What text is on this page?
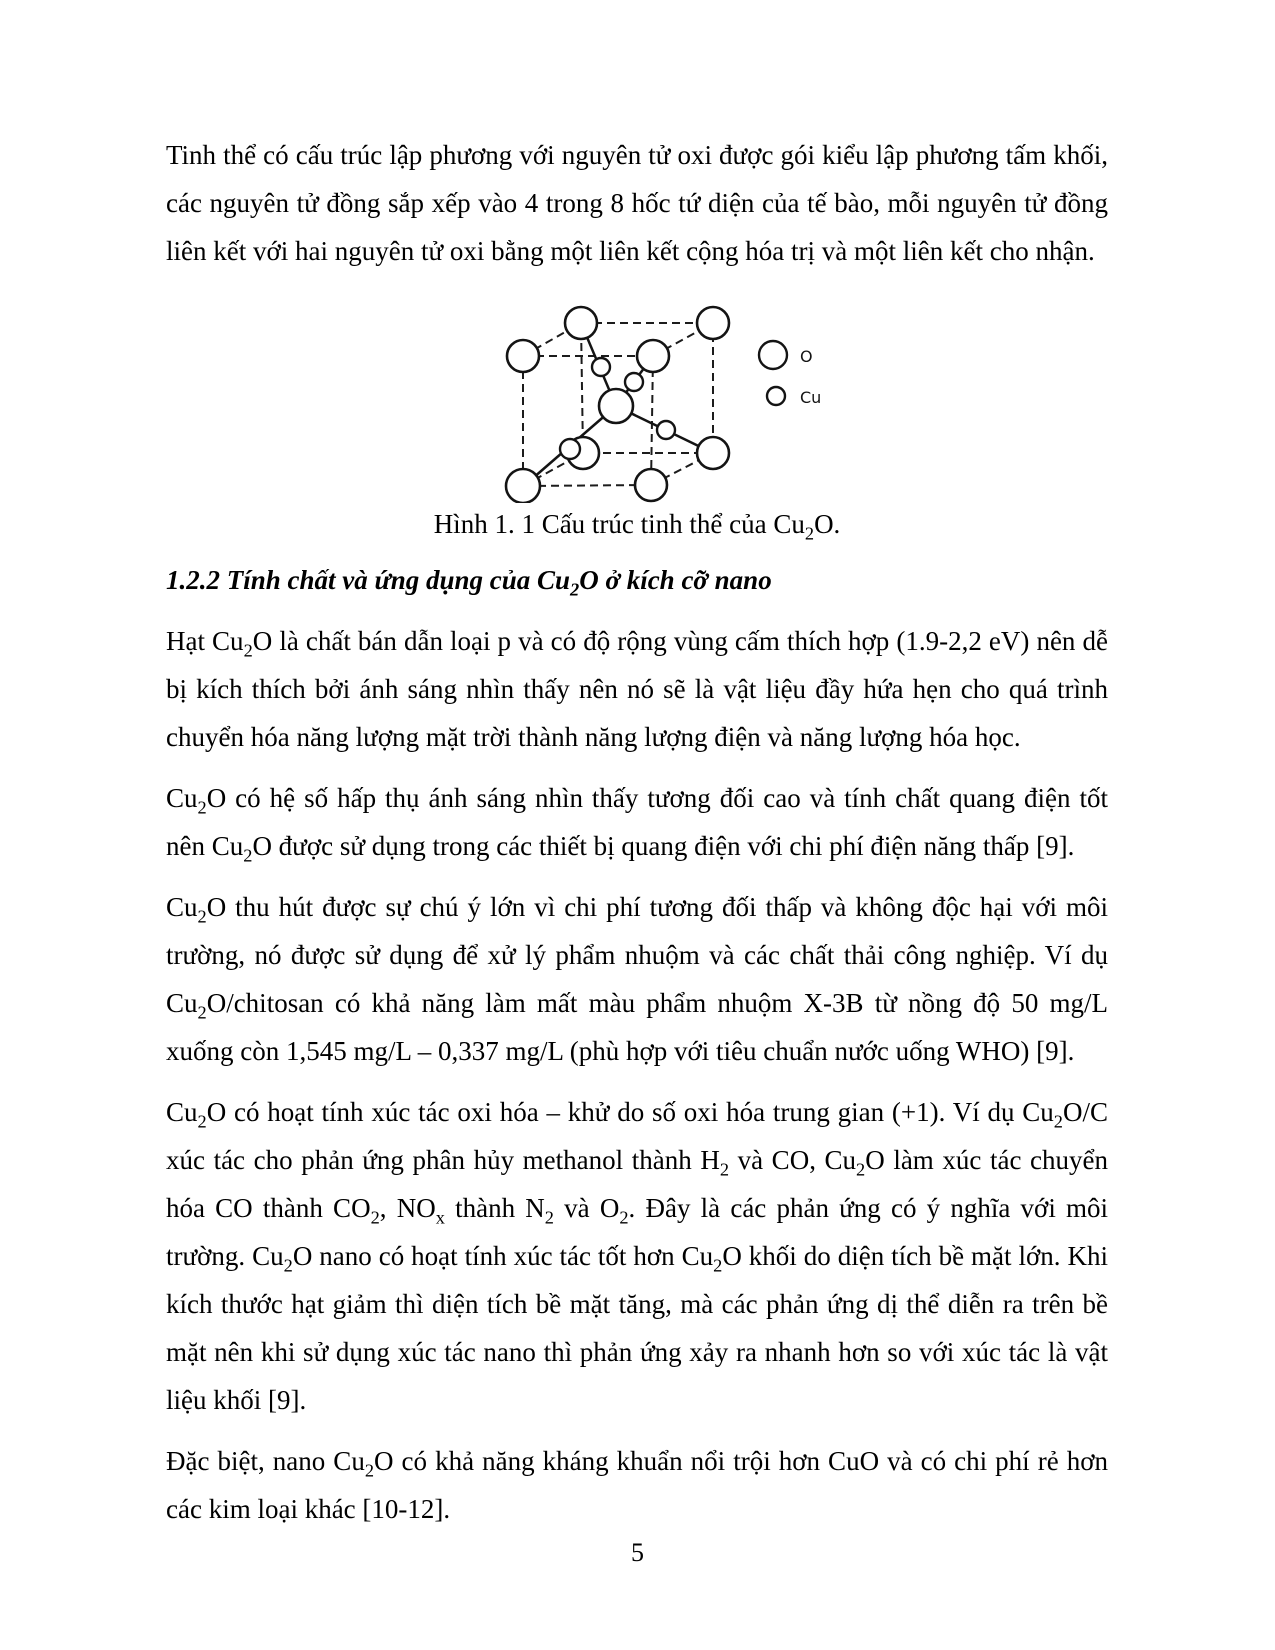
Tinh thể có cấu trúc lập phương với nguyên tử oxi được gói kiểu lập phương tấm khối, các nguyên tử đồng sắp xếp vào 4 trong 8 hốc tứ diện của tế bào, mỗi nguyên tử đồng liên kết với hai nguyên tử oxi bằng một liên kết cộng hóa trị và một liên kết cho nhận.

O
Cu
Hình 1. 1 Cấu trúc tinh thể của $Cu_2O$.
1.2.2 Tính chất và ứng dụng của $Cu_2O$ ở kích cỡ nano

Hạt $Cu_2O$ là chất bán dẫn loại p và có độ rộng vùng cấm thích hợp (1.9-2,2 eV) nên dễ bị kích thích bởi ánh sáng nhìn thấy nên nó sẽ là vật liệu đầy hứa hẹn cho quá trình chuyển hóa năng lượng mặt trời thành năng lượng điện và năng lượng hóa học.

$Cu_2O$ có hệ số hấp thụ ánh sáng nhìn thấy tương đối cao và tính chất quang điện tốt nên $Cu_2O$ được sử dụng trong các thiết bị quang điện với chi phí điện năng thấp [9].

$Cu_2O$ thu hút được sự chú ý lớn vì chi phí tương đối thấp và không độc hại với môi trường, nó được sử dụng để xử lý phẩm nhuộm và các chất thải công nghiệp. Ví dụ $Cu_2O$/chitosan có khả năng làm mất màu phẩm nhuộm X-3B từ nồng độ 50 mg/L xuống còn 1,545 mg/L – 0,337 mg/L (phù hợp với tiêu chuẩn nước uống WHO) [9].

$Cu_2O$ có hoạt tính xúc tác oxi hóa – khử do số oxi hóa trung gian (+1). Ví dụ $Cu_2O/C$ xúc tác cho phản ứng phân hủy methanol thành $H_2$ và CO, $Cu_2O$ làm xúc tác chuyển hóa CO thành $CO_2$, $NO_x$ thành $N_2$ và $O_2$. Đây là các phản ứng có ý nghĩa với môi trường. $Cu_2O$ nano có hoạt tính xúc tác tốt hơn $Cu_2O$ khối do diện tích bề mặt lớn. Khi kích thước hạt giảm thì diện tích bề mặt tăng, mà các phản ứng dị thể diễn ra trên bề mặt nên khi sử dụng xúc tác nano thì phản ứng xảy ra nhanh hơn so với xúc tác là vật liệu khối [9].

Đặc biệt, nano $Cu_2O$ có khả năng kháng khuẩn nổi trội hơn CuO và có chi phí rẻ hơn các kim loại khác [10-12].

5
